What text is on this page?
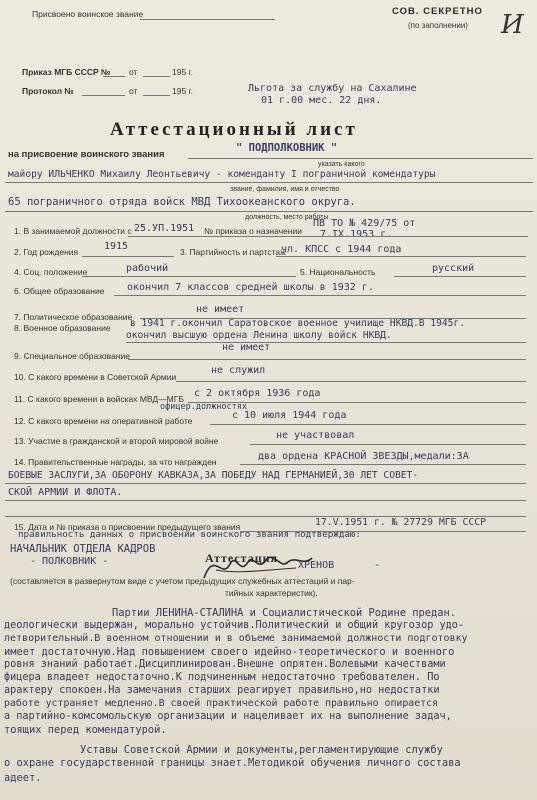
Присвоено воинское звание	СОВ. СЕКРЕТНО
(по заполнении) И
Приказ МГБ СССР № от	195 г.
Протокол №	от	195 г.	Льгота за службу на Сахалине
01 г.00 мес. 22 дня.
Аттестационный лист
на присвоение воинского звания
" ПОДПОЛКОВНИК "
указать какого
майору ИЛЬЧЕНКО Михаилу Леонтьевичу - коменданту I пограничной комендатуры
звание, фамилия, имя и отчество
65 пограничного отряда войск МВД Тихоокеанского округа.
должность, место работы
1. В занимаемой должности с 25.УП.1951 № приказа о назначении
ПВ ТО № 429/75 от
7.IX.1953 г.
2. Год рождения	1915	3. Партийность и партстаж
чл. КПСС с 1944 года
4. Соц. положение	рабочий	5. Национальность	русский
6. Общее образование окончил 7 классов средней школы в 1932 г.
7. Политическое образование
не имеет
8. Военное образование в 1941 г.окончил Саратовское военное училище НКВД.В 1945г.
окончил высшую ордена Ленина школу войск НКВД.
9. Специальное образование
не имеет
10. С какого времени в Советской Армии
не служил
11. С какого времени в войсках МВД—МГБ с 2 октября 1936 года
12. С какого времени на оперативной работе
офицер.должностях
с 10 июля 1944 года
13. Участие в гражданской и второй мировой войне	не участвовал
14. Правительственные награды, за что награжден	два ордена КРАСНОЙ ЗВЕЗДЫ,медали:ЗА
БОЕВЫЕ ЗАСЛУГИ,ЗА ОБОРОНУ КАВКАЗА,ЗА ПОБЕДУ НАД ГЕРМАНИЕЙ,30 ЛЕТ СОВЕТ-
СКОЙ АРМИИ И ФЛОТА.
15. Дата и № приказа о присвоении предыдущего звания	17.V.1951 г. № 27729 МГБ СССР
правильность данных о присвоении воинского звания подтверждаю:
НАЧАЛЬНИК ОТДЕЛА КАДРОВ
- ПОЛКОВНИК -	ХРЕНОВ	-
Аттестация
(составляется в развернутом виде с учетом предыдущих служебных аттестаций и пар-
тийных характеристик).
Партии ЛЕНИНА-СТАЛИНА и Социалистической Родине предан.
деологически выдержан, морально устойчив.Политический и общий кругозор удо-
летворительный.В военном отношении и в объеме занимаемой должности подготовку
имеет достаточную.Над повышением своего идейно-теоретического и военного
ровня знаний работает.Дисциплинирован.Внешне опрятен.Волевыми качествами
фицера владеет недостаточно.К подчиненным недостаточно требователен. По
арактеру спокоен.На замечания старших реагирует правильно,но недостатки
работе устраняет медленно.В своей практической работе правильно опирается
а партийно-комсомольскую организации и нацеливает их на выполнение задач,
тоящих перед комендатурой.
Уставы Советской Армии и документы,регламентирующие службу
о охране государственной границы знает.Методикой обучения личного состава
адеет.
